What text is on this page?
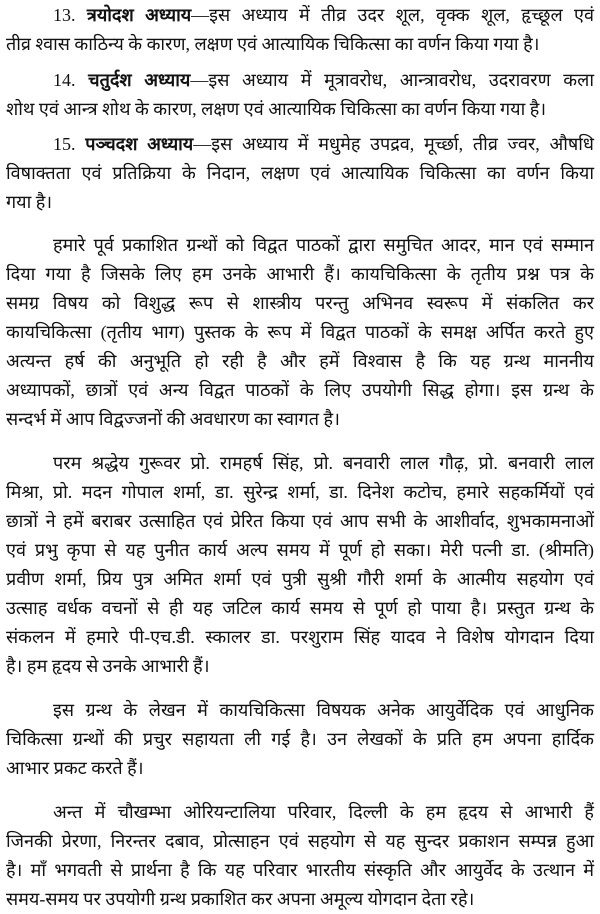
13. त्रयोदश अध्याय—इस अध्याय में तीव्र उदर शूल, वृक्क शूल, हृच्छूल एवं
तीव्र श्वास काठिन्य के कारण, लक्षण एवं आत्यायिक चिकित्सा का वर्णन किया गया है।
14. चतुर्दश अध्याय—इस अध्याय में मूत्रावरोध, आन्त्रावरोध, उदरावरण कला
शोथ एवं आन्त्र शोथ के कारण, लक्षण एवं आत्यायिक चिकित्सा का वर्णन किया गया है।
15. पञ्चदश अध्याय—इस अध्याय में मधुमेह उपद्रव, मूर्च्छा, तीव्र ज्वर, औषधि
विषाक्तता एवं प्रतिक्रिया के निदान, लक्षण एवं आत्यायिक चिकित्सा का वर्णन किया
गया है।
हमारे पूर्व प्रकाशित ग्रन्थों को विद्वत पाठकों द्वारा समुचित आदर, मान एवं सम्मान
दिया गया है जिसके लिए हम उनके आभारी हैं। कायचिकित्सा के तृतीय प्रश्न पत्र के
समग्र विषय को विशुद्ध रूप से शास्त्रीय परन्तु अभिनव स्वरूप में संकलित कर
कायचिकित्सा (तृतीय भाग) पुस्तक के रूप में विद्वत पाठकों के समक्ष अर्पित करते हुए
अत्यन्त हर्ष की अनुभूति हो रही है और हमें विश्वास है कि यह ग्रन्थ माननीय
अध्यापकों, छात्रों एवं अन्य विद्वत पाठकों के लिए उपयोगी सिद्ध होगा। इस ग्रन्थ के
सन्दर्भ में आप विद्वज्जनों की अवधारण का स्वागत है।
परम श्रद्धेय गुरूवर प्रो. रामहर्ष सिंह, प्रो. बनवारी लाल गौढ़, प्रो. बनवारी लाल
मिश्रा, प्रो. मदन गोपाल शर्मा, डा. सुरेन्द्र शर्मा, डा. दिनेश कटोच, हमारे सहकर्मियों एवं
छात्रों ने हमें बराबर उत्साहित एवं प्रेरित किया एवं आप सभी के आशीर्वाद, शुभकामनाओं
एवं प्रभु कृपा से यह पुनीत कार्य अल्प समय में पूर्ण हो सका। मेरी पत्नी डा. (श्रीमति)
प्रवीण शर्मा, प्रिय पुत्र अमित शर्मा एवं पुत्री सुश्री गौरी शर्मा के आत्मीय सहयोग एवं
उत्साह वर्धक वचनों से ही यह जटिल कार्य समय से पूर्ण हो पाया है। प्रस्तुत ग्रन्थ के
संकलन में हमारे पी-एच.डी. स्कालर डा. परशुराम सिंह यादव ने विशेष योगदान दिया
है। हम हृदय से उनके आभारी हैं।
इस ग्रन्थ के लेखन में कायचिकित्सा विषयक अनेक आयुर्वेदिक एवं आधुनिक
चिकित्सा ग्रन्थों की प्रचुर सहायता ली गई है। उन लेखकों के प्रति हम अपना हार्दिक
आभार प्रकट करते हैं।
अन्त में चौखम्भा ओरियन्टालिया परिवार, दिल्ली के हम हृदय से आभारी हैं
जिनकी प्रेरणा, निरन्तर दबाव, प्रोत्साहन एवं सहयोग से यह सुन्दर प्रकाशन सम्पन्न हुआ
है। माँ भगवती से प्रार्थना है कि यह परिवार भारतीय संस्कृति और आयुर्वेद के उत्थान में
समय-समय पर उपयोगी ग्रन्थ प्रकाशित कर अपना अमूल्य योगदान देता रहे।
